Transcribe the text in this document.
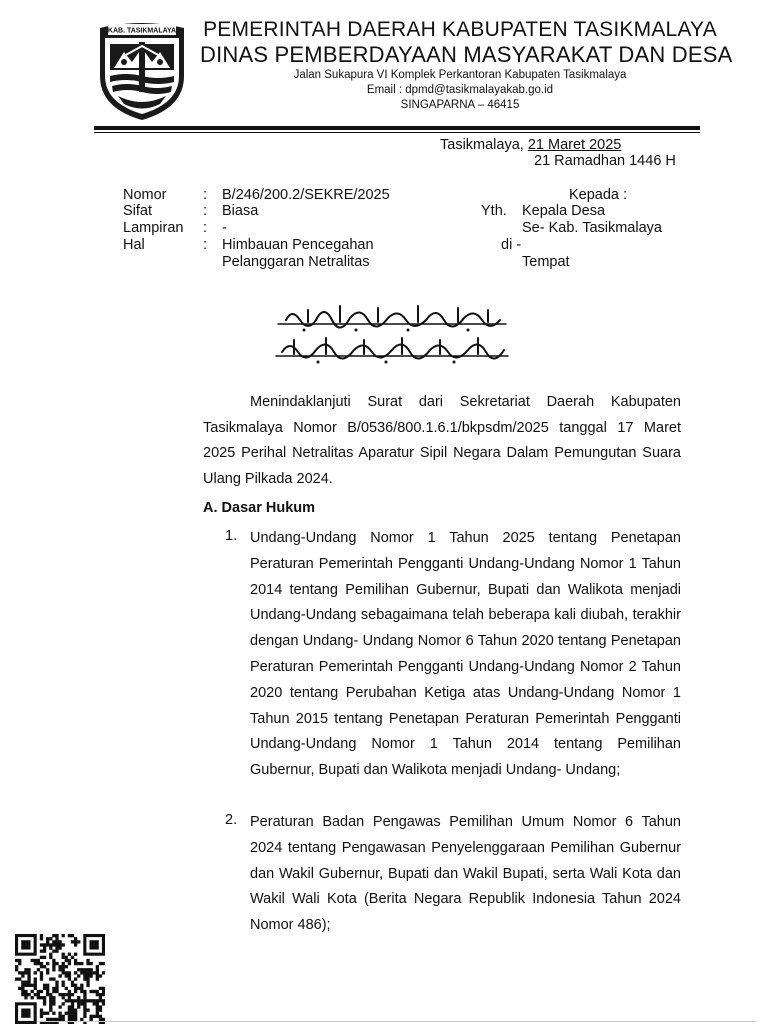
KAB. TASIKMALAYA PEMERINTAH DAERAH KABUPATEN TASIKMALAYA
DINAS PEMBERDAYAAN MASYARAKAT DAN DESA
Jalan Sukapura VI Komplek Perkantoran Kabupaten Tasikmalaya
Email : dpmd@tasikmalayakab.go.id
SINGAPARNA – 46415
Tasikmalaya, 21 Maret 2025
21 Ramadhan 1446 H
Nomor	: B/246/200.2/SEKRE/2025
Sifat	: Biasa
Lampiran : -
Hal	: Himbauan Pencegahan
Pelanggaran Netralitas
Kepada :
Yth. Kepala Desa
Se- Kab. Tasikmalaya
di -
Tempat
Menindaklanjuti Surat dari Sekretariat Daerah Kabupaten Tasikmalaya Nomor B/0536/800.1.6.1/bkpsdm/2025 tanggal 17 Maret 2025 Perihal Netralitas Aparatur Sipil Negara Dalam Pemungutan Suara Ulang Pilkada 2024.
A. Dasar Hukum
1. Undang-Undang Nomor 1 Tahun 2025 tentang Penetapan Peraturan Pemerintah Pengganti Undang-Undang Nomor 1 Tahun 2014 tentang Pemilihan Gubernur, Bupati dan Walikota menjadi Undang-Undang sebagaimana telah beberapa kali diubah, terakhir dengan Undang- Undang Nomor 6 Tahun 2020 tentang Penetapan Peraturan Pemerintah Pengganti Undang-Undang Nomor 2 Tahun 2020 tentang Perubahan Ketiga atas Undang-Undang Nomor 1 Tahun 2015 tentang Penetapan Peraturan Pemerintah Pengganti Undang-Undang Nomor 1 Tahun 2014 tentang Pemilihan Gubernur, Bupati dan Walikota menjadi Undang- Undang;
2. Peraturan Badan Pengawas Pemilihan Umum Nomor 6 Tahun 2024 tentang Pengawasan Penyelenggaraan Pemilihan Gubernur dan Wakil Gubernur, Bupati dan Wakil Bupati, serta Wali Kota dan Wakil Wali Kota (Berita Negara Republik Indonesia Tahun 2024 Nomor 486);
